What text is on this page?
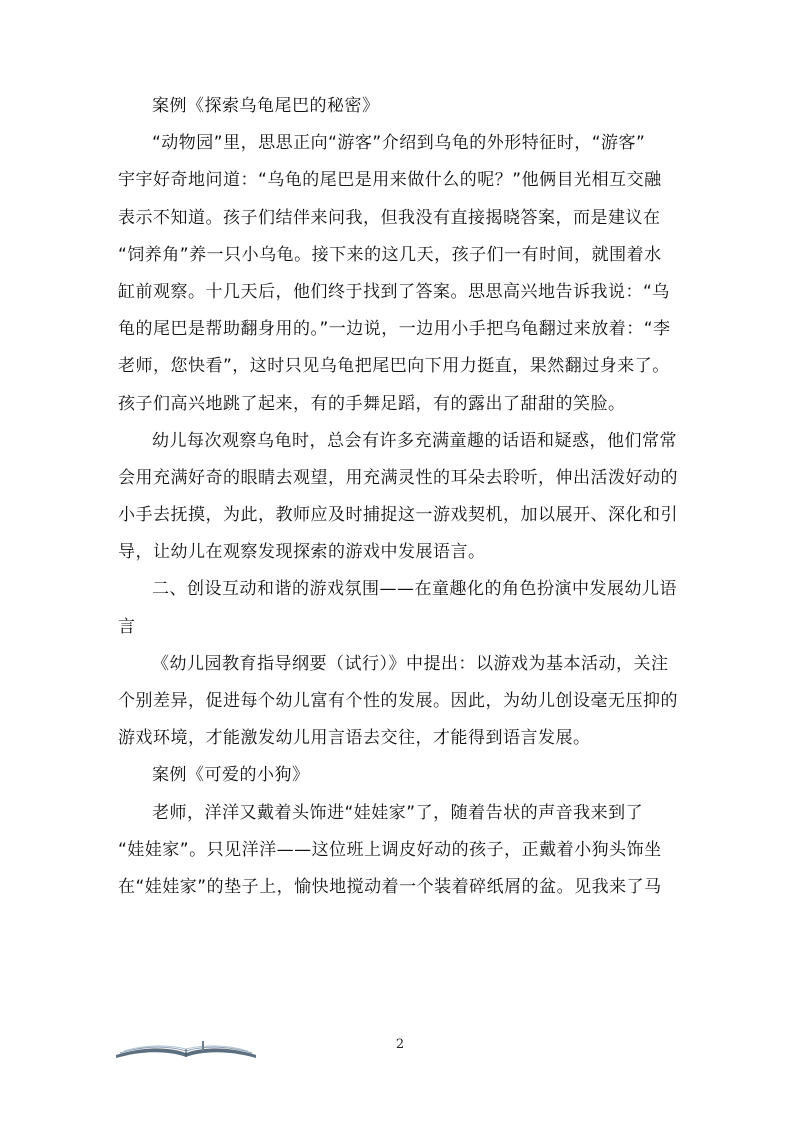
案例《探索乌龟尾巴的秘密》
“动物园”里，思思正向“游客”介绍到乌龟的外形特征时，“游客”
宇宇好奇地问道：“乌龟的尾巴是用来做什么的呢？”他俩目光相互交融
表示不知道。孩子们结伴来问我，但我没有直接揭晓答案，而是建议在
“饲养角”养一只小乌龟。接下来的这几天，孩子们一有时间，就围着水
缸前观察。十几天后，他们终于找到了答案。思思高兴地告诉我说：“乌
龟的尾巴是帮助翻身用的。”一边说，一边用小手把乌龟翻过来放着：“李
老师，您快看”，这时只见乌龟把尾巴向下用力挺直，果然翻过身来了。
孩子们高兴地跳了起来，有的手舞足蹈，有的露出了甜甜的笑脸。
幼儿每次观察乌龟时，总会有许多充满童趣的话语和疑惑，他们常常
会用充满好奇的眼睛去观望，用充满灵性的耳朵去聆听，伸出活泼好动的
小手去抚摸，为此，教师应及时捕捉这一游戏契机，加以展开、深化和引
导，让幼儿在观察发现探索的游戏中发展语言。
二、创设互动和谐的游戏氛围——在童趣化的角色扮演中发展幼儿语
言
《幼儿园教育指导纲要（试行）》中提出：以游戏为基本活动，关注
个别差异，促进每个幼儿富有个性的发展。因此，为幼儿创设毫无压抑的
游戏环境，才能激发幼儿用言语去交往，才能得到语言发展。
案例《可爱的小狗》
老师，洋洋又戴着头饰进“娃娃家”了，随着告状的声音我来到了
“娃娃家”。只见洋洋——这位班上调皮好动的孩子，正戴着小狗头饰坐
在“娃娃家”的垫子上，愉快地搅动着一个装着碎纸屑的盆。见我来了马
2
